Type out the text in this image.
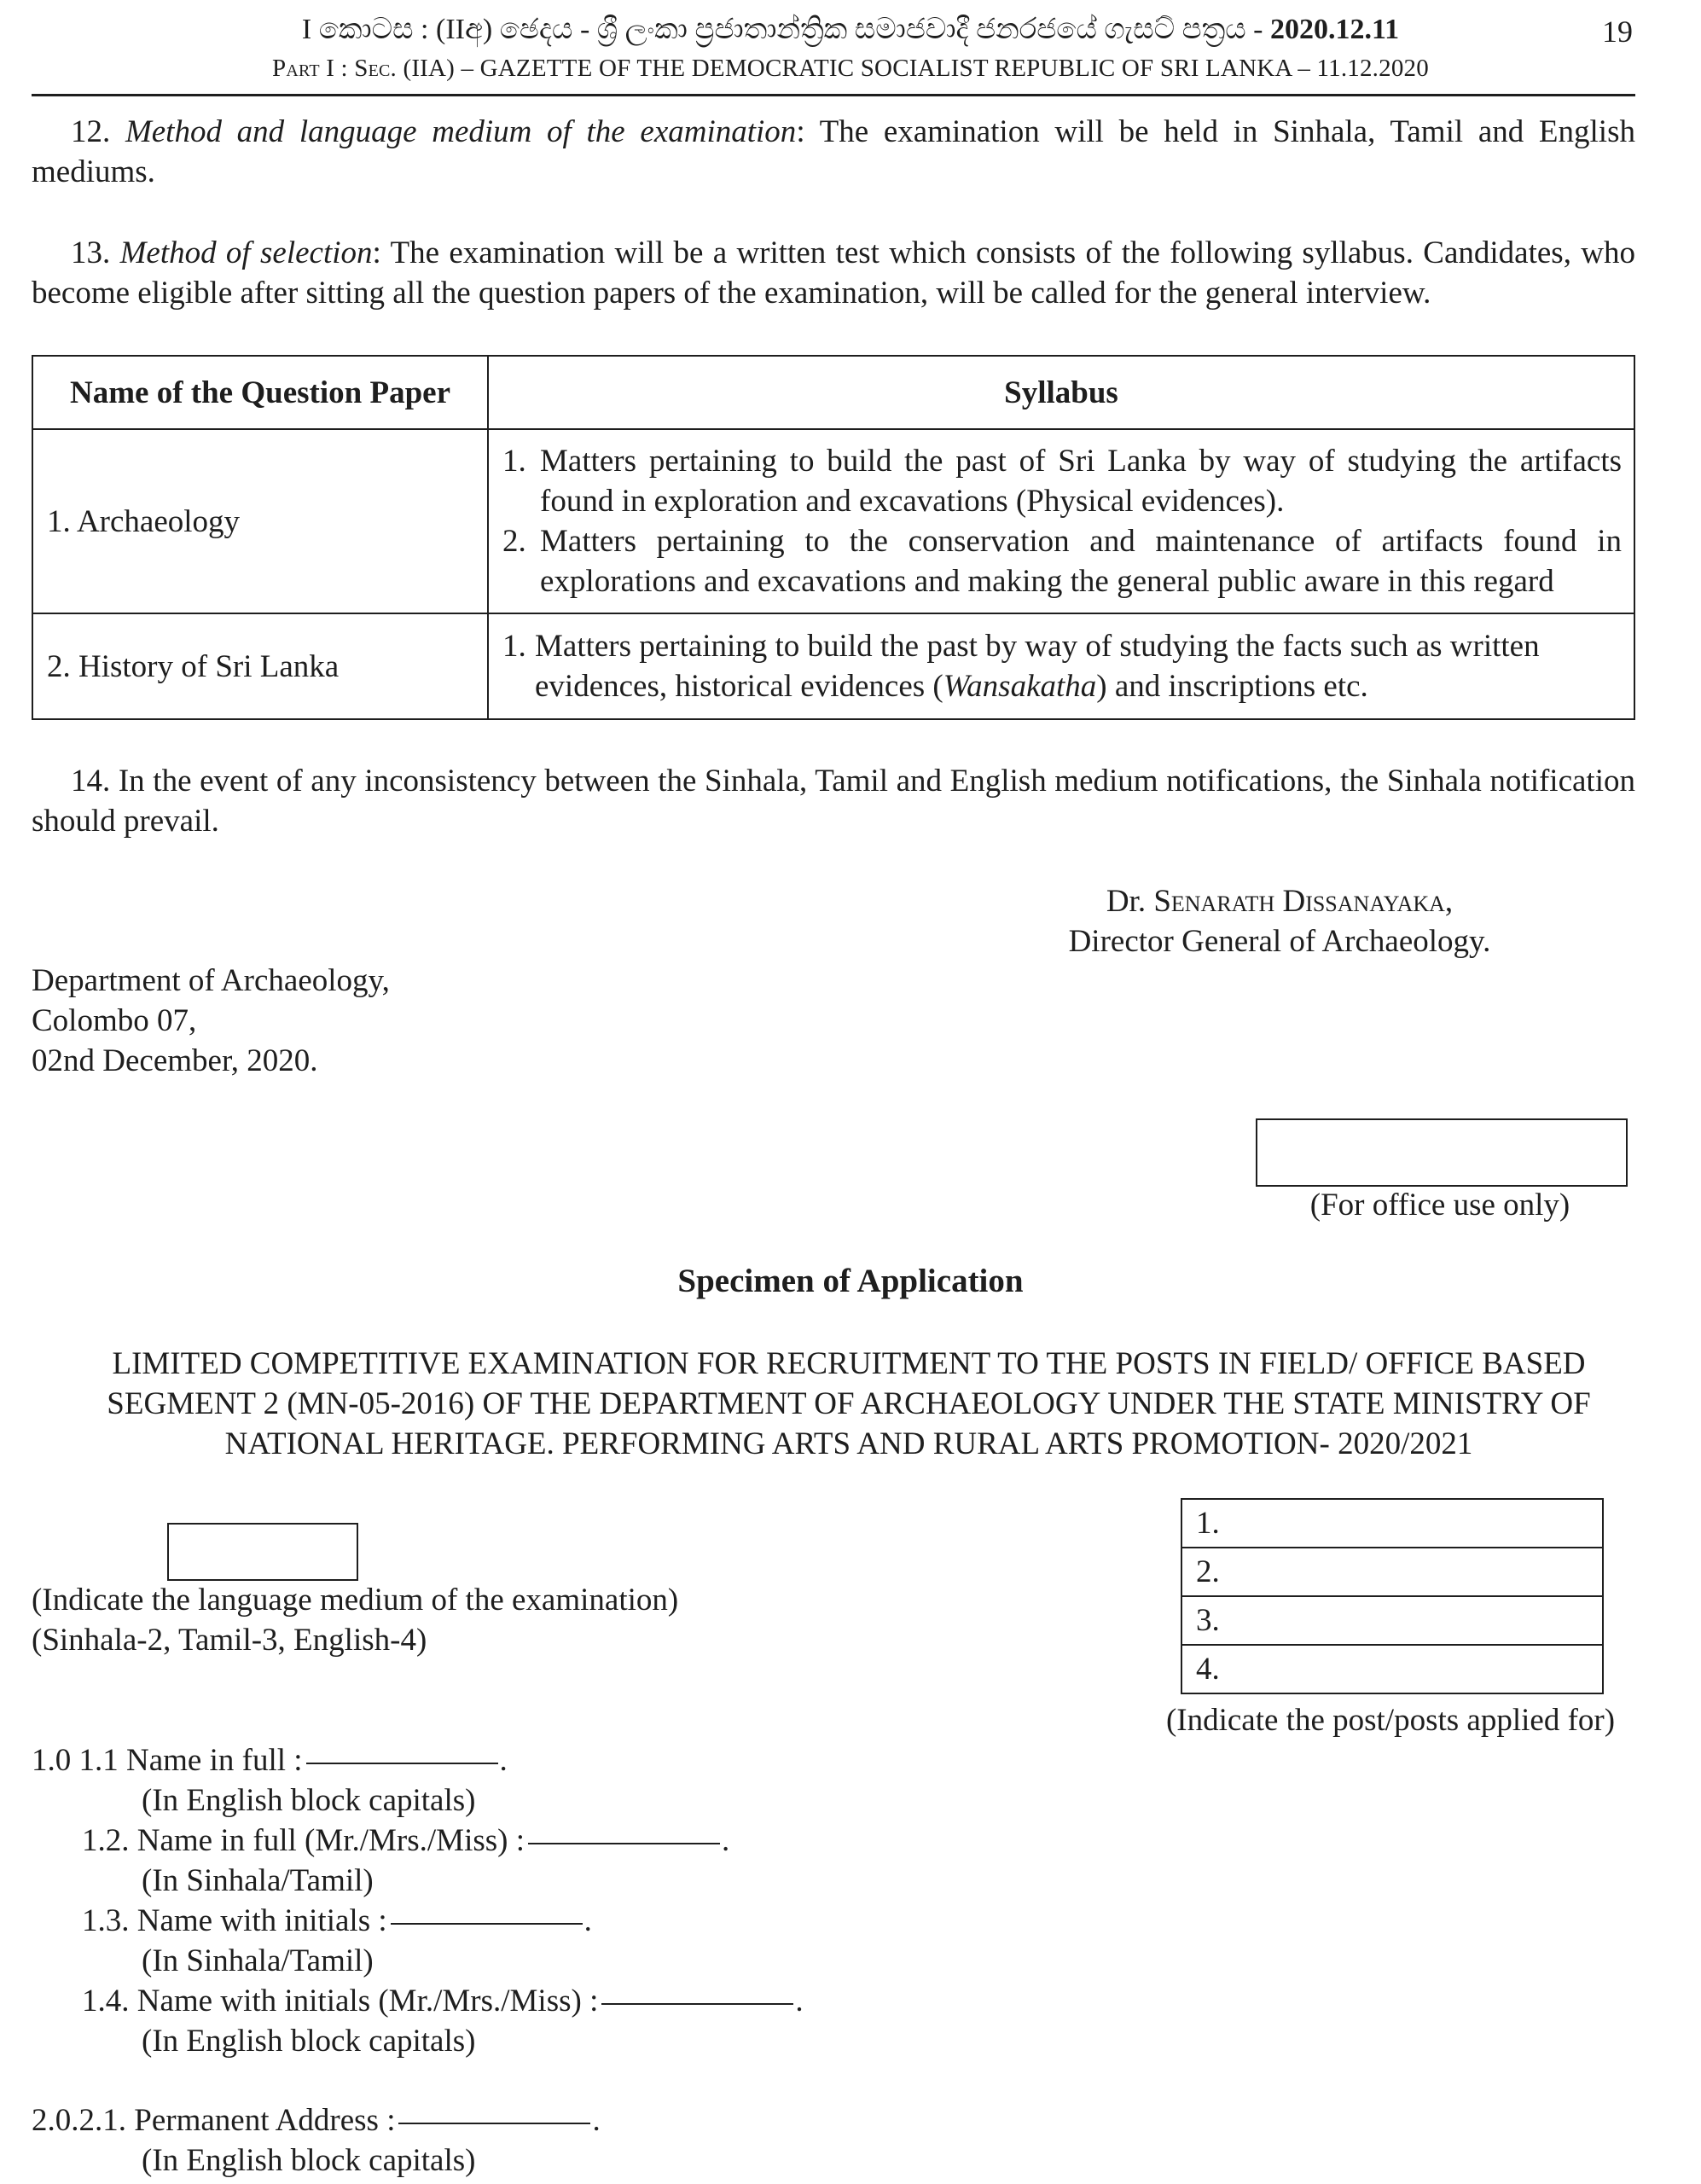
I කොටස : (IIඅ) ඡෙදය - ශ්‍රී ලංකා ප්‍රජාතාන්ත්‍රික සමාජවාදී ජනරජයේ ගැසට් පත්‍රය - 2020.12.11	19
Part I : Sec. (IIA) – GAZETTE OF THE DEMOCRATIC SOCIALIST REPUBLIC OF SRI LANKA – 11.12.2020
12. Method and language medium of the examination: The examination will be held in Sinhala, Tamil and English mediums.
13. Method of selection: The examination will be a written test which consists of the following syllabus. Candidates, who become eligible after sitting all the question papers of the examination, will be called for the general interview.
Name of the Question Paper	Syllabus
1. Archaeology	1. Matters pertaining to build the past of Sri Lanka by way of studying the artifacts found in exploration and excavations (Physical evidences).
2. Matters pertaining to the conservation and maintenance of artifacts found in explorations and excavations and making the general public aware in this regard

2. History of Sri Lanka	1. Matters pertaining to build the past by way of studying the facts such as written evidences, historical evidences (Wansakatha) and inscriptions etc.
14. In the event of any inconsistency between the Sinhala, Tamil and English medium notifications, the Sinhala notification should prevail.
Dr. Senarath Dissanayaka,
Director General of Archaeology.
Department of Archaeology,
Colombo 07,
02nd December, 2020.
(For office use only)
Specimen of Application
LIMITED COMPETITIVE EXAMINATION FOR RECRUITMENT TO THE POSTS IN FIELD/ OFFICE BASED
SEGMENT 2 (MN-05-2016) OF THE DEPARTMENT OF ARCHAEOLOGY UNDER THE STATE MINISTRY OF
NATIONAL HERITAGE. PERFORMING ARTS AND RURAL ARTS PROMOTION- 2020/2021
(Indicate the language medium of the examination)
(Sinhala-2, Tamil-3, English-4)
1.
2.
3.
4.
(Indicate the post/posts applied for)
1.0 1.1 Name in full :	.
(In English block capitals)
1.2. Name in full (Mr./Mrs./Miss) :	.
(In Sinhala/Tamil)
1.3. Name with initials :	.
(In Sinhala/Tamil)
1.4. Name with initials (Mr./Mrs./Miss) :	.
(In English block capitals)
2.0.2.1. Permanent Address :	.
(In English block capitals)
